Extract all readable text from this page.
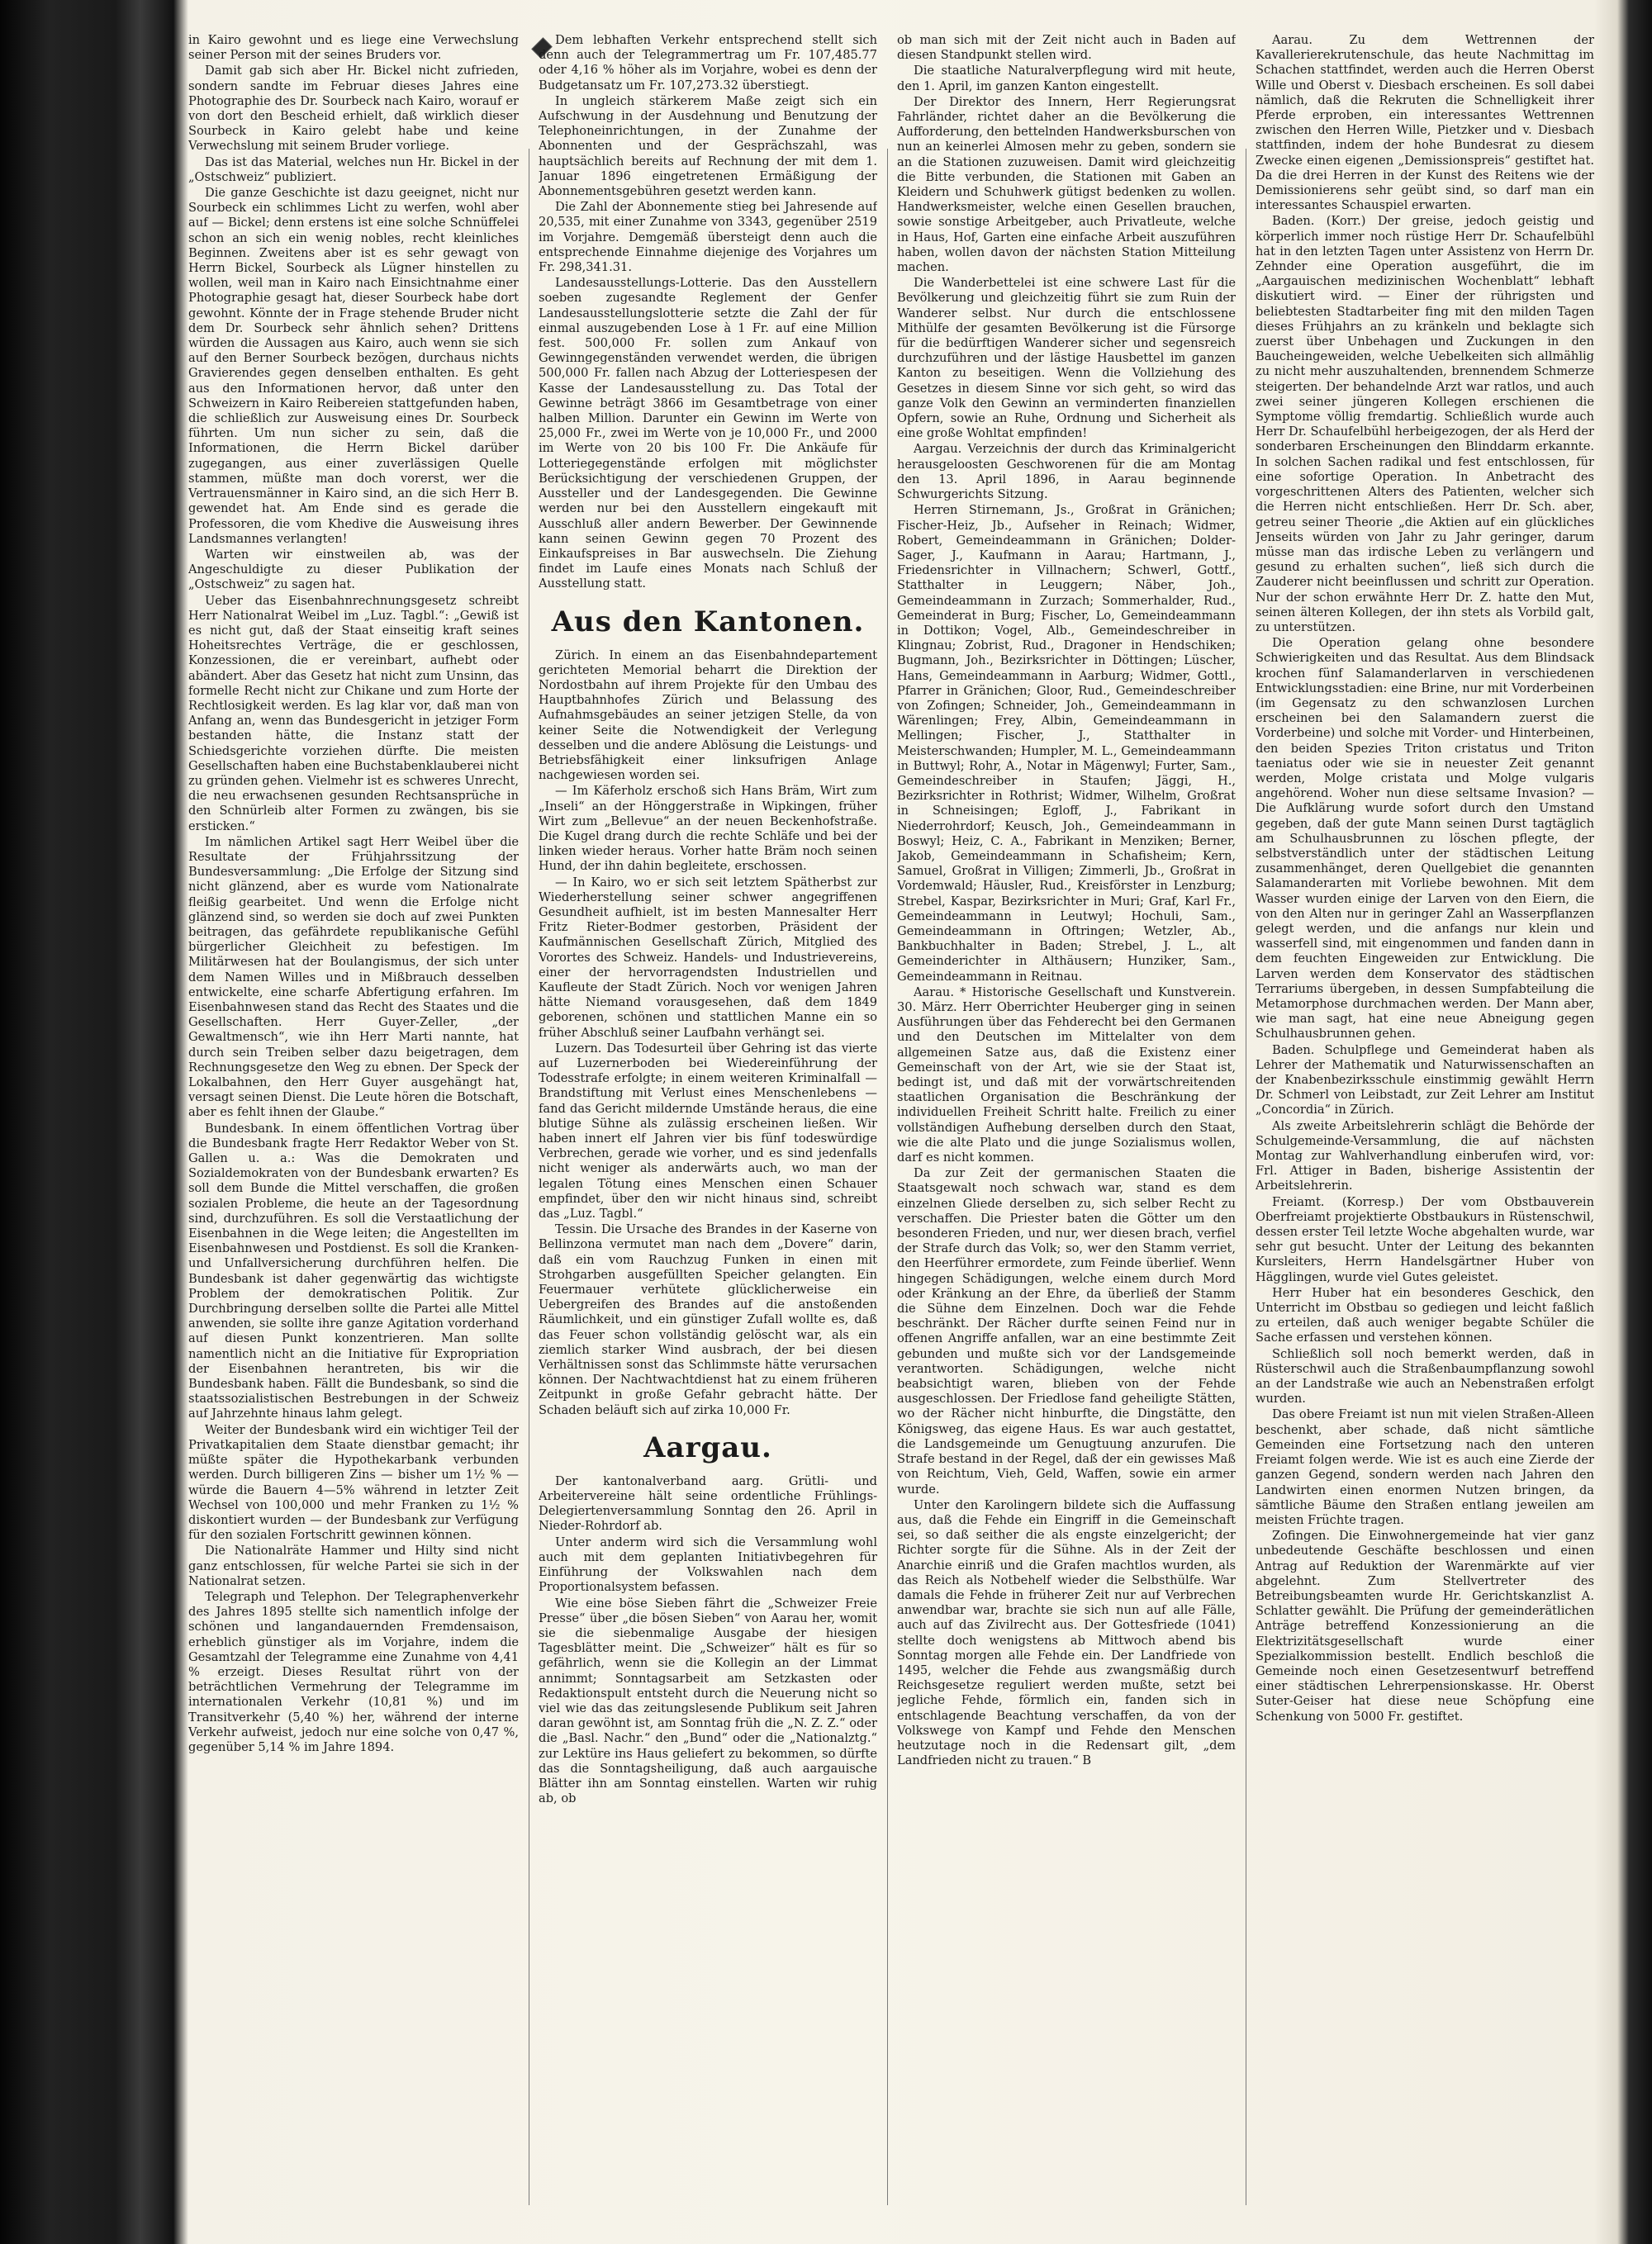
in Kairo gewohnt und es liege eine Verwechslung seiner Person mit der seines Bruders vor.

Damit gab sich aber Hr. Bickel nicht zufrieden, sondern sandte im Februar dieses Jahres eine Photographie des Dr. Sourbeck nach Kairo, worauf er von dort den Bescheid erhielt, daß wirklich dieser Sourbeck in Kairo gelebt habe und keine Verwechslung mit seinem Bruder vorliege.

Das ist das Material, welches nun Hr. Bickel in der „Ostschweiz“ publiziert.

Die ganze Geschichte ist dazu geeignet, nicht nur Sourbeck ein schlimmes Licht zu werfen, wohl aber auf — Bickel; denn erstens ist eine solche Schnüffelei schon an sich ein wenig nobles, recht kleinliches Beginnen. Zweitens aber ist es sehr gewagt von Herrn Bickel, Sourbeck als Lügner hinstellen zu wollen, weil man in Kairo nach Einsichtnahme einer Photographie gesagt hat, dieser Sourbeck habe dort gewohnt. Könnte der in Frage stehende Bruder nicht dem Dr. Sourbeck sehr ähnlich sehen? Drittens würden die Aussagen aus Kairo, auch wenn sie sich auf den Berner Sourbeck bezögen, durchaus nichts Gravierendes gegen denselben enthalten. Es geht aus den Informationen hervor, daß unter den Schweizern in Kairo Reibereien stattgefunden haben, die schließlich zur Ausweisung eines Dr. Sourbeck führten. Um nun sicher zu sein, daß die Informationen, die Herrn Bickel darüber zugegangen, aus einer zuverlässigen Quelle stammen, müßte man doch vorerst, wer die Vertrauensmänner in Kairo sind, an die sich Herr B. gewendet hat. Am Ende sind es gerade die Professoren, die vom Khedive die Ausweisung ihres Landsmannes verlangten!

Warten wir einstweilen ab, was der Angeschuldigte zu dieser Publikation der „Ostschweiz“ zu sagen hat.

Ueber das Eisenbahnrechnungsgesetz schreibt Herr Nationalrat Weibel im „Luz. Tagbl.“: „Gewiß ist es nicht gut, daß der Staat einseitig kraft seines Hoheitsrechtes Verträge, die er geschlossen, Konzessionen, die er vereinbart, aufhebt oder abändert. Aber das Gesetz hat nicht zum Unsinn, das formelle Recht nicht zur Chikane und zum Horte der Rechtlosigkeit werden. Es lag klar vor, daß man von Anfang an, wenn das Bundesgericht in jetziger Form bestanden hätte, die Instanz statt der Schiedsgerichte vorziehen dürfte. Die meisten Gesellschaften haben eine Buchstabenklauberei nicht zu gründen gehen. Vielmehr ist es schweres Unrecht, die neu erwachsenen gesunden Rechtsansprüche in den Schnürleib alter Formen zu zwängen, bis sie ersticken.“

Im nämlichen Artikel sagt Herr Weibel über die Resultate der Frühjahrssitzung der Bundesversammlung: „Die Erfolge der Sitzung sind nicht glänzend, aber es wurde vom Nationalrate fleißig gearbeitet. Und wenn die Erfolge nicht glänzend sind, so werden sie doch auf zwei Punkten beitragen, das gefährdete republikanische Gefühl bürgerlicher Gleichheit zu befestigen. Im Militärwesen hat der Boulangismus, der sich unter dem Namen Willes und in Mißbrauch desselben entwickelte, eine scharfe Abfertigung erfahren. Im Eisenbahnwesen stand das Recht des Staates und die Gesellschaften. Herr Guyer-Zeller, „der Gewaltmensch“, wie ihn Herr Marti nannte, hat durch sein Treiben selber dazu beigetragen, dem Rechnungsgesetze den Weg zu ebnen. Der Speck der Lokalbahnen, den Herr Guyer ausgehängt hat, versagt seinen Dienst. Die Leute hören die Botschaft, aber es fehlt ihnen der Glaube.“

Bundesbank. In einem öffentlichen Vortrag über die Bundesbank fragte Herr Redaktor Weber von St. Gallen u. a.: Was die Demokraten und Sozialdemokraten von der Bundesbank erwarten? Es soll dem Bunde die Mittel verschaffen, die großen sozialen Probleme, die heute an der Tagesordnung sind, durchzuführen. Es soll die Verstaatlichung der Eisenbahnen in die Wege leiten; die Angestellten im Eisenbahnwesen und Postdienst. Es soll die Kranken- und Unfallversicherung durchführen helfen. Die Bundesbank ist daher gegenwärtig das wichtigste Problem der demokratischen Politik. Zur Durchbringung derselben sollte die Partei alle Mittel anwenden, sie sollte ihre ganze Agitation vorderhand auf diesen Punkt konzentrieren. Man sollte namentlich nicht an die Initiative für Expropriation der Eisenbahnen herantreten, bis wir die Bundesbank haben. Fällt die Bundesbank, so sind die staatssozialistischen Bestrebungen in der Schweiz auf Jahrzehnte hinaus lahm gelegt.

Weiter der Bundesbank wird ein wichtiger Teil der Privatkapitalien dem Staate dienstbar gemacht; ihr müßte später die Hypothekarbank verbunden werden. Durch billigeren Zins — bisher um 1½ % — würde die Bauern 4—5% während in letzter Zeit Wechsel von 100,000 und mehr Franken zu 1½ % diskontiert wurden — der Bundesbank zur Verfügung für den sozialen Fortschritt gewinnen können.

Die Nationalräte Hammer und Hilty sind nicht ganz entschlossen, für welche Partei sie sich in der Nationalrat setzen.

Telegraph und Telephon. Der Telegraphenverkehr des Jahres 1895 stellte sich namentlich infolge der schönen und langandauernden Fremdensaison, erheblich günstiger als im Vorjahre, indem die Gesamtzahl der Telegramme eine Zunahme von 4,41 % erzeigt. Dieses Resultat rührt von der beträchtlichen Vermehrung der Telegramme im internationalen Verkehr (10,81 %) und im Transitverkehr (5,40 %) her, während der interne Verkehr aufweist, jedoch nur eine solche von 0,47 %, gegenüber 5,14 % im Jahre 1894.

Dem lebhaften Verkehr entsprechend stellt sich denn auch der Telegrammertrag um Fr. 107,485.77 oder 4,16 % höher als im Vorjahre, wobei es denn der Budgetansatz um Fr. 107,273.32 überstiegt.

In ungleich stärkerem Maße zeigt sich ein Aufschwung in der Ausdehnung und Benutzung der Telephoneinrichtungen, in der Zunahme der Abonnenten und der Gesprächszahl, was hauptsächlich bereits auf Rechnung der mit dem 1. Januar 1896 eingetretenen Ermäßigung der Abonnementsgebühren gesetzt werden kann.

Die Zahl der Abonnemente stieg bei Jahresende auf 20,535, mit einer Zunahme von 3343, gegenüber 2519 im Vorjahre. Demgemäß übersteigt denn auch die entsprechende Einnahme diejenige des Vorjahres um Fr. 298,341.31.

Landesausstellungs-Lotterie. Das den Ausstellern soeben zugesandte Reglement der Genfer Landesausstellungslotterie setzte die Zahl der für einmal auszugebenden Lose à 1 Fr. auf eine Million fest. 500,000 Fr. sollen zum Ankauf von Gewinngegenständen verwendet werden, die übrigen 500,000 Fr. fallen nach Abzug der Lotteriespesen der Kasse der Landesausstellung zu. Das Total der Gewinne beträgt 3866 im Gesamtbetrage von einer halben Million. Darunter ein Gewinn im Werte von 25,000 Fr., zwei im Werte von je 10,000 Fr., und 2000 im Werte von 20 bis 100 Fr. Die Ankäufe für Lotteriegegenstände erfolgen mit möglichster Berücksichtigung der verschiedenen Gruppen, der Aussteller und der Landesgegenden. Die Gewinne werden nur bei den Ausstellern eingekauft mit Ausschluß aller andern Bewerber. Der Gewinnende kann seinen Gewinn gegen 70 Prozent des Einkaufspreises in Bar auswechseln. Die Ziehung findet im Laufe eines Monats nach Schluß der Ausstellung statt.

Aus den Kantonen.

Zürich. In einem an das Eisenbahndepartement gerichteten Memorial beharrt die Direktion der Nordostbahn auf ihrem Projekte für den Umbau des Hauptbahnhofes Zürich und Belassung des Aufnahmsgebäudes an seiner jetzigen Stelle, da von keiner Seite die Notwendigkeit der Verlegung desselben und die andere Ablösung die Leistungs- und Betriebsfähigkeit einer linksufrigen Anlage nachgewiesen worden sei.

— Im Käferholz erschoß sich Hans Bräm, Wirt zum „Inseli“ an der Hönggerstraße in Wipkingen, früher Wirt zum „Bellevue“ an der neuen Beckenhofstraße. Die Kugel drang durch die rechte Schläfe und bei der linken wieder heraus. Vorher hatte Bräm noch seinen Hund, der ihn dahin begleitete, erschossen.

— In Kairo, wo er sich seit letztem Spätherbst zur Wiederherstellung seiner schwer angegriffenen Gesundheit aufhielt, ist im besten Mannesalter Herr Fritz Rieter-Bodmer gestorben, Präsident der Kaufmännischen Gesellschaft Zürich, Mitglied des Vorortes des Schweiz. Handels- und Industrievereins, einer der hervorragendsten Industriellen und Kaufleute der Stadt Zürich. Noch vor wenigen Jahren hätte Niemand vorausgesehen, daß dem 1849 geborenen, schönen und stattlichen Manne ein so früher Abschluß seiner Laufbahn verhängt sei.

Luzern. Das Todesurteil über Gehring ist das vierte auf Luzernerboden bei Wiedereinführung der Todesstrafe erfolgte; in einem weiteren Kriminalfall — Brandstiftung mit Verlust eines Menschenlebens — fand das Gericht mildernde Umstände heraus, die eine blutige Sühne als zulässig erscheinen ließen. Wir haben innert elf Jahren vier bis fünf todeswürdige Verbrechen, gerade wie vorher, und es sind jedenfalls nicht weniger als anderwärts auch, wo man der legalen Tötung eines Menschen einen Schauer empfindet, über den wir nicht hinaus sind, schreibt das „Luz. Tagbl.“

Tessin. Die Ursache des Brandes in der Kaserne von Bellinzona vermutet man nach dem „Dovere“ darin, daß ein vom Rauchzug Funken in einen mit Strohgarben ausgefüllten Speicher gelangten. Ein Feuermauer verhütete glücklicherweise ein Uebergreifen des Brandes auf die anstoßenden Räumlichkeit, und ein günstiger Zufall wollte es, daß das Feuer schon vollständig gelöscht war, als ein ziemlich starker Wind ausbrach, der bei diesen Verhältnissen sonst das Schlimmste hätte verursachen können. Der Nachtwachtdienst hat zu einem früheren Zeitpunkt in große Gefahr gebracht hätte. Der Schaden beläuft sich auf zirka 10,000 Fr.

Aargau.

Der kantonalverband aarg. Grütli- und Arbeitervereine hält seine ordentliche Frühlings-Delegiertenversammlung Sonntag den 26. April in Nieder-Rohrdorf ab.

Unter anderm wird sich die Versammlung wohl auch mit dem geplanten Initiativbegehren für Einführung der Volkswahlen nach dem Proportionalsystem befassen.

Wie eine böse Sieben fährt die „Schweizer Freie Presse“ über „die bösen Sieben“ von Aarau her, womit sie die siebenmalige Ausgabe der hiesigen Tagesblätter meint. Die „Schweizer“ hält es für so gefährlich, wenn sie die Kollegin an der Limmat annimmt; Sonntagsarbeit am Setzkasten oder Redaktionspult entsteht durch die Neuerung nicht so viel wie das das zeitungslesende Publikum seit Jahren daran gewöhnt ist, am Sonntag früh die „N. Z. Z.“ oder die „Basl. Nachr.“ den „Bund“ oder die „Nationalztg.“ zur Lektüre ins Haus geliefert zu bekommen, so dürfte das die Sonntagsheiligung, daß auch aargauische Blätter ihn am Sonntag einstellen. Warten wir ruhig ab, ob

ob man sich mit der Zeit nicht auch in Baden auf diesen Standpunkt stellen wird.

Die staatliche Naturalverpflegung wird mit heute, den 1. April, im ganzen Kanton eingestellt.

Der Direktor des Innern, Herr Regierungsrat Fahrländer, richtet daher an die Bevölkerung die Aufforderung, den bettelnden Handwerksburschen von nun an keinerlei Almosen mehr zu geben, sondern sie an die Stationen zuzuweisen. Damit wird gleichzeitig die Bitte verbunden, die Stationen mit Gaben an Kleidern und Schuhwerk gütigst bedenken zu wollen. Handwerksmeister, welche einen Gesellen brauchen, sowie sonstige Arbeitgeber, auch Privatleute, welche in Haus, Hof, Garten eine einfache Arbeit auszuführen haben, wollen davon der nächsten Station Mitteilung machen.

Die Wanderbettelei ist eine schwere Last für die Bevölkerung und gleichzeitig führt sie zum Ruin der Wanderer selbst. Nur durch die entschlossene Mithülfe der gesamten Bevölkerung ist die Fürsorge für die bedürftigen Wanderer sicher und segensreich durchzuführen und der lästige Hausbettel im ganzen Kanton zu beseitigen. Wenn die Vollziehung des Gesetzes in diesem Sinne vor sich geht, so wird das ganze Volk den Gewinn an verminderten finanziellen Opfern, sowie an Ruhe, Ordnung und Sicherheit als eine große Wohltat empfinden!

Aargau. Verzeichnis der durch das Kriminalgericht herausgeloosten Geschworenen für die am Montag den 13. April 1896, in Aarau beginnende Schwurgerichts Sitzung.

Herren Stirnemann, Js., Großrat in Gränichen; Fischer-Heiz, Jb., Aufseher in Reinach; Widmer, Robert, Gemeindeammann in Gränichen; Dolder-Sager, J., Kaufmann in Aarau; Hartmann, J., Friedensrichter in Villnachern; Schwerl, Gottf., Statthalter in Leuggern; Näber, Joh., Gemeindeammann in Zurzach; Sommerhalder, Rud., Gemeinderat in Burg; Fischer, Lo, Gemeindeammann in Dottikon; Vogel, Alb., Gemeindeschreiber in Klingnau; Zobrist, Rud., Dragoner in Hendschiken; Bugmann, Joh., Bezirksrichter in Döttingen; Lüscher, Hans, Gemeindeammann in Aarburg; Widmer, Gottl., Pfarrer in Gränichen; Gloor, Rud., Gemeindeschreiber von Zofingen; Schneider, Joh., Gemeindeammann in Wärenlingen; Frey, Albin, Gemeindeammann in Mellingen; Fischer, J., Statthalter in Meisterschwanden; Humpler, M. L., Gemeindeammann in Buttwyl; Rohr, A., Notar in Mägenwyl; Furter, Sam., Gemeindeschreiber in Staufen; Jäggi, H., Bezirksrichter in Rothrist; Widmer, Wilhelm, Großrat in Schneisingen; Egloff, J., Fabrikant in Niederrohrdorf; Keusch, Joh., Gemeindeammann in Boswyl; Heiz, C. A., Fabrikant in Menziken; Berner, Jakob, Gemeindeammann in Schafisheim; Kern, Samuel, Großrat in Villigen; Zimmerli, Jb., Großrat in Vordemwald; Häusler, Rud., Kreisförster in Lenzburg; Strebel, Kaspar, Bezirksrichter in Muri; Graf, Karl Fr., Gemeindeammann in Leutwyl; Hochuli, Sam., Gemeindeammann in Oftringen; Wetzler, Ab., Bankbuchhalter in Baden; Strebel, J. L., alt Gemeinderichter in Althäusern; Hunziker, Sam., Gemeindeammann in Reitnau.

Aarau. * Historische Gesellschaft und Kunstverein. 30. März. Herr Oberrichter Heuberger ging in seinen Ausführungen über das Fehderecht bei den Germanen und den Deutschen im Mittelalter von dem allgemeinen Satze aus, daß die Existenz einer Gemeinschaft von der Art, wie sie der Staat ist, bedingt ist, und daß mit der vorwärtschreitenden staatlichen Organisation die Beschränkung der individuellen Freiheit Schritt halte. Freilich zu einer vollständigen Aufhebung derselben durch den Staat, wie die alte Plato und die junge Sozialismus wollen, darf es nicht kommen.

Da zur Zeit der germanischen Staaten die Staatsgewalt noch schwach war, stand es dem einzelnen Gliede derselben zu, sich selber Recht zu verschaffen. Die Priester baten die Götter um den besonderen Frieden, und nur, wer diesen brach, verfiel der Strafe durch das Volk; so, wer den Stamm verriet, den Heerführer ermordete, zum Feinde überlief. Wenn hingegen Schädigungen, welche einem durch Mord oder Kränkung an der Ehre, da überließ der Stamm die Sühne dem Einzelnen. Doch war die Fehde beschränkt. Der Rächer durfte seinen Feind nur in offenen Angriffe anfallen, war an eine bestimmte Zeit gebunden und mußte sich vor der Landsgemeinde verantworten. Schädigungen, welche nicht beabsichtigt waren, blieben von der Fehde ausgeschlossen. Der Friedlose fand geheiligte Stätten, wo der Rächer nicht hinburfte, die Dingstätte, den Königsweg, das eigene Haus. Es war auch gestattet, die Landsgemeinde um Genugtuung anzurufen. Die Strafe bestand in der Regel, daß der ein gewisses Maß von Reichtum, Vieh, Geld, Waffen, sowie ein armer wurde.

Unter den Karolingern bildete sich die Auffassung aus, daß die Fehde ein Eingriff in die Gemeinschaft sei, so daß seither die als engste einzelgericht; der Richter sorgte für die Sühne. Als in der Zeit der Anarchie einriß und die Grafen machtlos wurden, als das Reich als Notbehelf wieder die Selbsthülfe. War damals die Fehde in früherer Zeit nur auf Verbrechen anwendbar war, brachte sie sich nun auf alle Fälle, auch auf das Zivilrecht aus. Der Gottesfriede (1041) stellte doch wenigstens ab Mittwoch abend bis Sonntag morgen alle Fehde ein. Der Landfriede von 1495, welcher die Fehde aus zwangsmäßig durch Reichsgesetze reguliert werden mußte, setzt bei jegliche Fehde, förmlich ein, fanden sich in entschlagende Beachtung verschaffen, da von der Volkswege von Kampf und Fehde den Menschen heutzutage noch in die Redensart gilt, „dem Landfrieden nicht zu trauen.“ B

Aarau. Zu dem Wettrennen der Kavallerierekrutenschule, das heute Nachmittag im Schachen stattfindet, werden auch die Herren Oberst Wille und Oberst v. Diesbach erscheinen. Es soll dabei nämlich, daß die Rekruten die Schnelligkeit ihrer Pferde erproben, ein interessantes Wettrennen zwischen den Herren Wille, Pietzker und v. Diesbach stattfinden, indem der hohe Bundesrat zu diesem Zwecke einen eigenen „Demissionspreis“ gestiftet hat. Da die drei Herren in der Kunst des Reitens wie der Demissionierens sehr geübt sind, so darf man ein interessantes Schauspiel erwarten.

Baden. (Korr.) Der greise, jedoch geistig und körperlich immer noch rüstige Herr Dr. Schaufelbühl hat in den letzten Tagen unter Assistenz von Herrn Dr. Zehnder eine Operation ausgeführt, die im „Aargauischen medizinischen Wochenblatt“ lebhaft diskutiert wird. — Einer der rührigsten und beliebtesten Stadtarbeiter fing mit den milden Tagen dieses Frühjahrs an zu kränkeln und beklagte sich zuerst über Unbehagen und Zuckungen in den Baucheingeweiden, welche Uebelkeiten sich allmählig zu nicht mehr auszuhaltenden, brennendem Schmerze steigerten. Der behandelnde Arzt war ratlos, und auch zwei seiner jüngeren Kollegen erschienen die Symptome völlig fremdartig. Schließlich wurde auch Herr Dr. Schaufelbühl herbeigezogen, der als Herd der sonderbaren Erscheinungen den Blinddarm erkannte. In solchen Sachen radikal und fest entschlossen, für eine sofortige Operation. In Anbetracht des vorgeschrittenen Alters des Patienten, welcher sich die Herren nicht entschließen. Herr Dr. Sch. aber, getreu seiner Theorie „die Aktien auf ein glückliches Jenseits würden von Jahr zu Jahr geringer, darum müsse man das irdische Leben zu verlängern und gesund zu erhalten suchen“, ließ sich durch die Zauderer nicht beeinflussen und schritt zur Operation. Nur der schon erwähnte Herr Dr. Z. hatte den Mut, seinen älteren Kollegen, der ihn stets als Vorbild galt, zu unterstützen.

Die Operation gelang ohne besondere Schwierigkeiten und das Resultat. Aus dem Blindsack krochen fünf Salamanderlarven in verschiedenen Entwicklungsstadien: eine Brine, nur mit Vorderbeinen (im Gegensatz zu den schwanzlosen Lurchen erscheinen bei den Salamandern zuerst die Vorderbeine) und solche mit Vorder- und Hinterbeinen, den beiden Spezies Triton cristatus und Triton taeniatus oder wie sie in neuester Zeit genannt werden, Molge cristata und Molge vulgaris angehörend. Woher nun diese seltsame Invasion? — Die Aufklärung wurde sofort durch den Umstand gegeben, daß der gute Mann seinen Durst tagtäglich am Schulhausbrunnen zu löschen pflegte, der selbstverständlich unter der städtischen Leitung zusammenhänget, deren Quellgebiet die genannten Salamanderarten mit Vorliebe bewohnen. Mit dem Wasser wurden einige der Larven von den Eiern, die von den Alten nur in geringer Zahl an Wasserpflanzen gelegt werden, und die anfangs nur klein und wasserfell sind, mit eingenommen und fanden dann in dem feuchten Eingeweiden zur Entwicklung. Die Larven werden dem Konservator des städtischen Terrariums übergeben, in dessen Sumpfabteilung die Metamorphose durchmachen werden. Der Mann aber, wie man sagt, hat eine neue Abneigung gegen Schulhausbrunnen gehen.

Baden. Schulpflege und Gemeinderat haben als Lehrer der Mathematik und Naturwissenschaften an der Knabenbezirksschule einstimmig gewählt Herrn Dr. Schmerl von Leibstadt, zur Zeit Lehrer am Institut „Concordia“ in Zürich.

Als zweite Arbeitslehrerin schlägt die Behörde der Schulgemeinde-Versammlung, die auf nächsten Montag zur Wahlverhandlung einberufen wird, vor: Frl. Attiger in Baden, bisherige Assistentin der Arbeitslehrerin.

Freiamt. (Korresp.) Der vom Obstbauverein Oberfreiamt projektierte Obstbaukurs in Rüstenschwil, dessen erster Teil letzte Woche abgehalten wurde, war sehr gut besucht. Unter der Leitung des bekannten Kursleiters, Herrn Handelsgärtner Huber von Hägglingen, wurde viel Gutes geleistet.

Herr Huber hat ein besonderes Geschick, den Unterricht im Obstbau so gediegen und leicht faßlich zu erteilen, daß auch weniger begabte Schüler die Sache erfassen und verstehen können.

Schließlich soll noch bemerkt werden, daß in Rüsterschwil auch die Straßenbaumpflanzung sowohl an der Landstraße wie auch an Nebenstraßen erfolgt wurden.

Das obere Freiamt ist nun mit vielen Straßen-Alleen beschenkt, aber schade, daß nicht sämtliche Gemeinden eine Fortsetzung nach den unteren Freiamt folgen werde. Wie ist es auch eine Zierde der ganzen Gegend, sondern werden nach Jahren den Landwirten einen enormen Nutzen bringen, da sämtliche Bäume den Straßen entlang jeweilen am meisten Früchte tragen.

Zofingen. Die Einwohnergemeinde hat vier ganz unbedeutende Geschäfte beschlossen und einen Antrag auf Reduktion der Warenmärkte auf vier abgelehnt. Zum Stellvertreter des Betreibungsbeamten wurde Hr. Gerichtskanzlist A. Schlatter gewählt. Die Prüfung der gemeinderätlichen Anträge betreffend Konzessionierung an die Elektrizitätsgesellschaft wurde einer Spezialkommission bestellt. Endlich beschloß die Gemeinde noch einen Gesetzesentwurf betreffend einer städtischen Lehrerpensionskasse. Hr. Oberst Suter-Geiser hat diese neue Schöpfung eine Schenkung von 5000 Fr. gestiftet.
